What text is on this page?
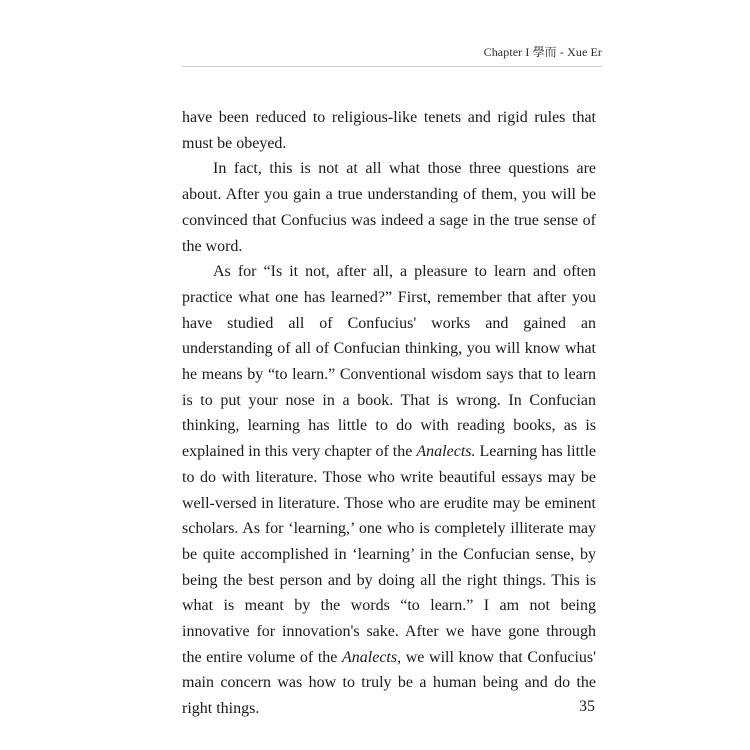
Chapter I 學而 - Xue Er

have been reduced to religious-like tenets and rigid rules that must be obeyed.

In fact, this is not at all what those three questions are about. After you gain a true understanding of them, you will be convinced that Confucius was indeed a sage in the true sense of the word.

As for “Is it not, after all, a pleasure to learn and often practice what one has learned?” First, remember that after you have studied all of Confucius' works and gained an understanding of all of Confucian thinking, you will know what he means by “to learn.” Conventional wisdom says that to learn is to put your nose in a book. That is wrong. In Confucian thinking, learning has little to do with reading books, as is explained in this very chapter of the Analects. Learning has little to do with literature. Those who write beautiful essays may be well-versed in literature. Those who are erudite may be eminent scholars. As for ‘learning,’ one who is completely illiterate may be quite accomplished in ‘learning’ in the Confucian sense, by being the best person and by doing all the right things. This is what is meant by the words “to learn.” I am not being innovative for innovation's sake. After we have gone through the entire volume of the Analects, we will know that Confucius' main concern was how to truly be a human being and do the right things.	35
